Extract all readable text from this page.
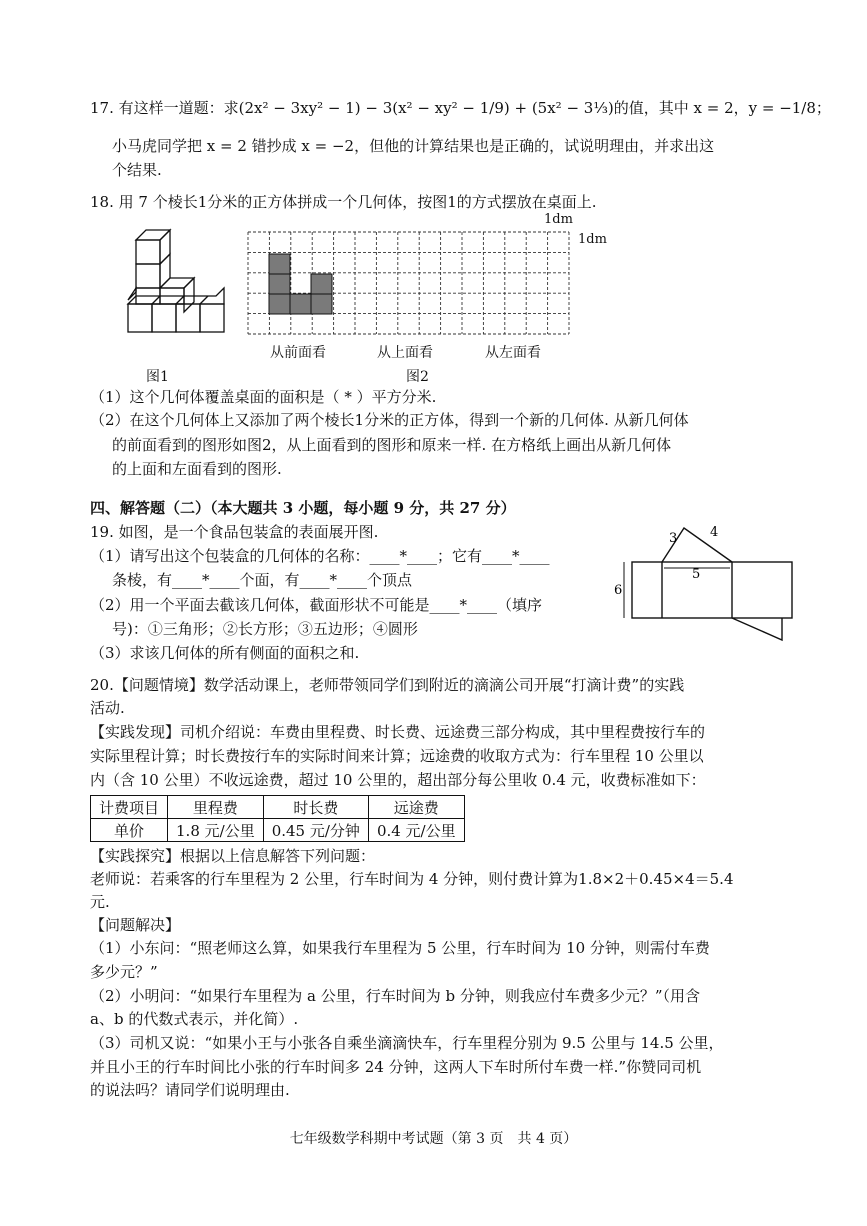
17. 有这样一道题：求(2x² − 3xy² − 1) − 3(x² − xy² − 1/9) + (5x² − 3⅓)的值，其中 x = 2，y = −1/8；
小马虎同学把 x = 2 错抄成 x = −2，但他的计算结果也是正确的，试说明理由，并求出这
个结果.
18. 用 7 个棱长1分米的正方体拼成一个几何体，按图1的方式摆放在桌面上.
图1
1dm
1dm
从前面看	从上面看	从左面看
图2
（1）这个几何体覆盖桌面的面积是（ * ）平方分米.
（2）在这个几何体上又添加了两个棱长1分米的正方体，得到一个新的几何体. 从新几何体
的前面看到的图形如图2，从上面看到的图形和原来一样. 在方格纸上画出从新几何体
的上面和左面看到的图形.
四、解答题（二）（本大题共 3 小题，每小题 9 分，共 27 分）
19. 如图，是一个食品包装盒的表面展开图.
（1）请写出这个包装盒的几何体的名称：____*____；它有____*____
条棱，有____*____个面，有____*____个顶点
（2）用一个平面去截该几何体，截面形状不可能是____*____（填序
号)：①三角形；②长方形；③五边形；④圆形
（3）求该几何体的所有侧面的面积之和.
3	4
5
6
20.【问题情境】数学活动课上，老师带领同学们到附近的滴滴公司开展“打滴计费”的实践
活动.
【实践发现】司机介绍说：车费由里程费、时长费、远途费三部分构成，其中里程费按行车的
实际里程计算；时长费按行车的实际时间来计算；远途费的收取方式为：行车里程 10 公里以
内（含 10 公里）不收远途费，超过 10 公里的，超出部分每公里收 0.4 元，收费标准如下：
计费项目	里程费	时长费	远途费
单价	1.8 元/公里	0.45 元/分钟	0.4 元/公里
【实践探究】根据以上信息解答下列问题：
老师说：若乘客的行车里程为 2 公里，行车时间为 4 分钟，则付费计算为1.8×2＋0.45×4＝5.4
元.
【问题解决】
（1）小东问：“照老师这么算，如果我行车里程为 5 公里，行车时间为 10 分钟，则需付车费
多少元？”
（2）小明问：“如果行车里程为 a 公里，行车时间为 b 分钟，则我应付车费多少元？”（用含
a、b 的代数式表示，并化简）.
（3）司机又说：“如果小王与小张各自乘坐滴滴快车，行车里程分别为 9.5 公里与 14.5 公里，
并且小王的行车时间比小张的行车时间多 24 分钟，这两人下车时所付车费一样.”你赞同司机
的说法吗？请同学们说明理由.
七年级数学科期中考试题（第 3 页　共 4 页）
